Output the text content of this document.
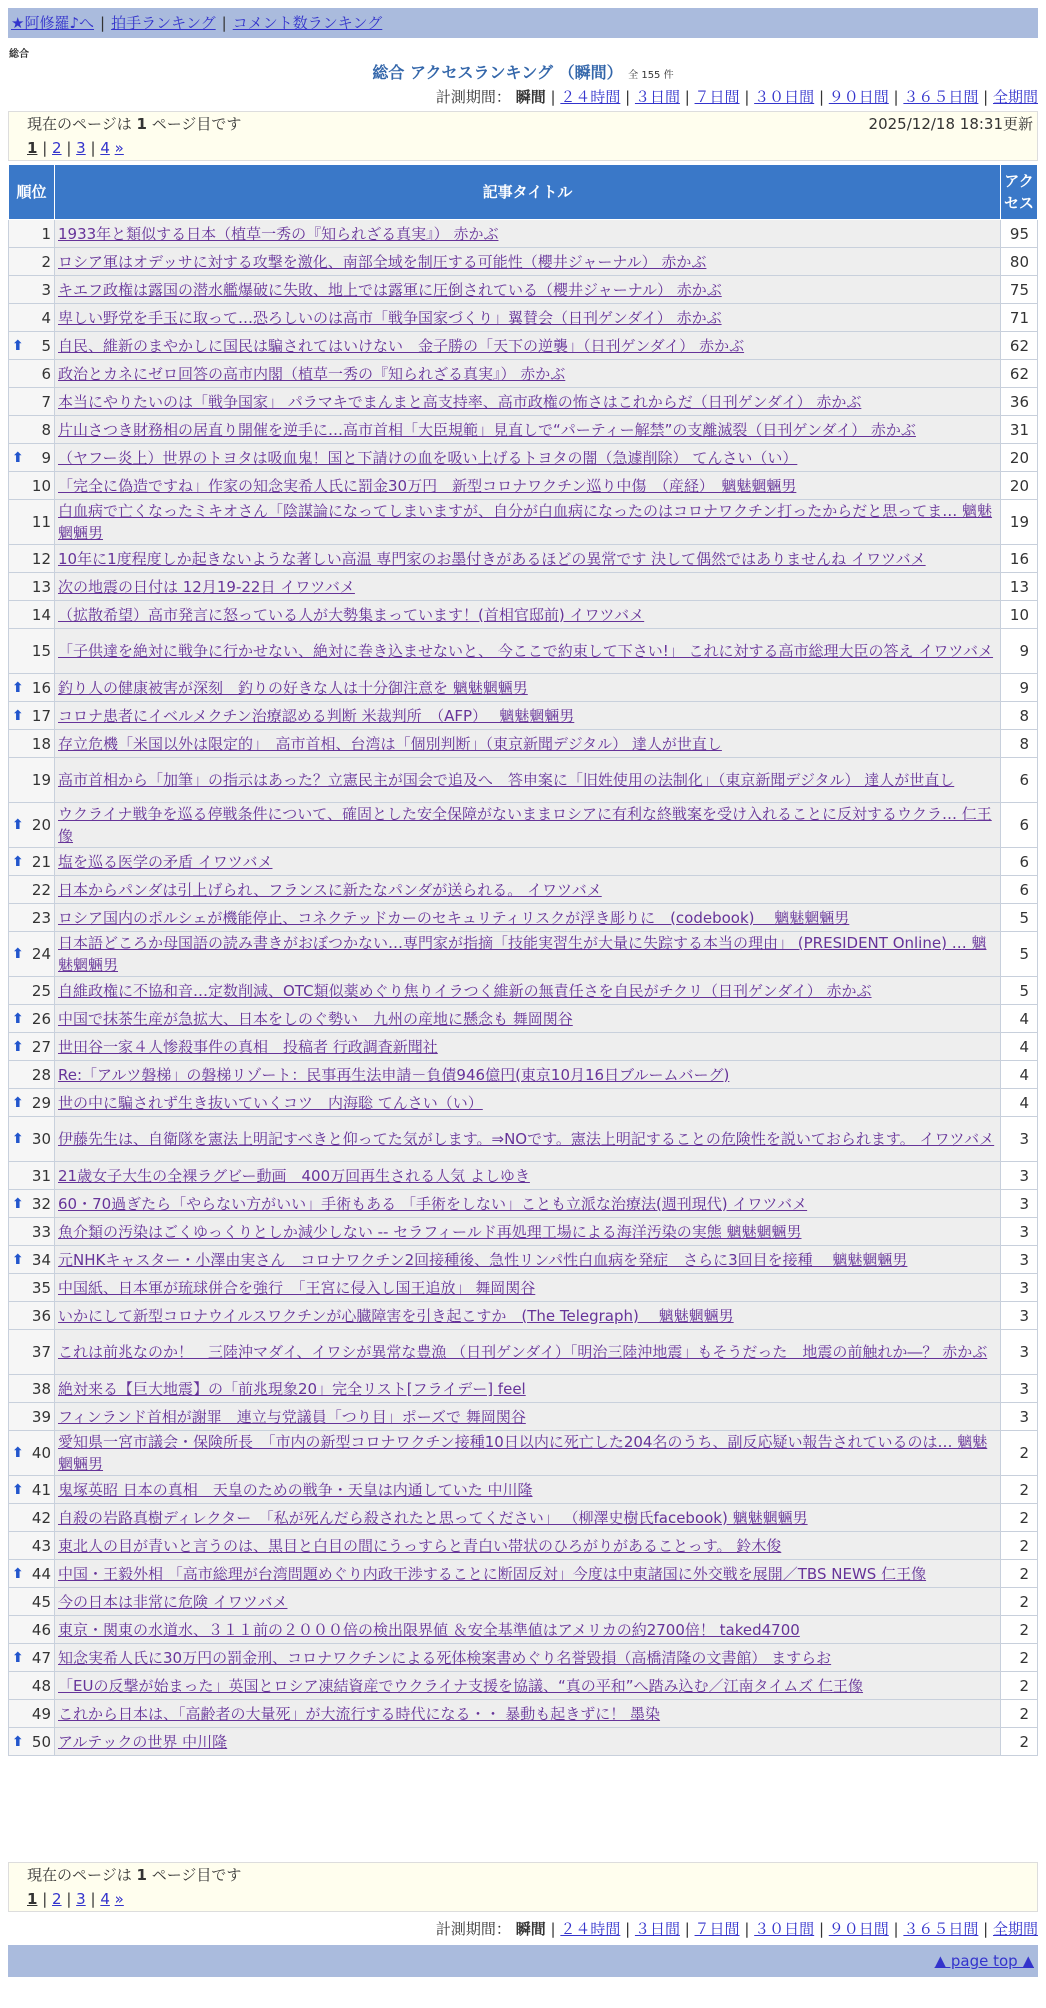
★阿修羅♪へ | 拍手ランキング | コメント数ランキング
総合
総合 アクセスランキング （瞬間） 全 155 件
計測期間： 瞬間 | ２４時間 | ３日間 | ７日間 | ３０日間 | ９０日間 | ３６５日間 | 全期間
現在のページは 1 ページ目です	2025/12/18 18:31更新
1 | 2 | 3 | 4 »
順位	記事タイトル	アクセス
1	1933年と類似する日本（植草一秀の『知られざる真実』） 赤かぶ	95
2	ロシア軍はオデッサに対する攻撃を激化、南部全域を制圧する可能性（櫻井ジャーナル） 赤かぶ	80
3	キエフ政権は露国の潜水艦爆破に失敗、地上では露軍に圧倒されている（櫻井ジャーナル） 赤かぶ	75
4	卑しい野党を手玉に取って…恐ろしいのは高市「戦争国家づくり」翼賛会（日刊ゲンダイ） 赤かぶ	71

⬆ 5	自民、維新のまやかしに国民は騙されてはいけない　金子勝の「天下の逆襲」（日刊ゲンダイ） 赤かぶ	62
6	政治とカネにゼロ回答の高市内閣（植草一秀の『知られざる真実』） 赤かぶ	62
7	本当にやりたいのは「戦争国家」 パラマキでまんまと高支持率、高市政権の怖さはこれからだ（日刊ゲンダイ） 赤かぶ	36
8	片山さつき財務相の居直り開催を逆手に…高市首相「大臣規範」見直しで“パーティー解禁”の支離滅裂（日刊ゲンダイ） 赤かぶ	31

⬆ 9	（ヤフー炎上）世界のトヨタは吸血鬼！国と下請けの血を吸い上げるトヨタの闇（急遽削除） てんさい（い）	20
10	「完全に偽造ですね」作家の知念実希人氏に罰金30万円　新型コロナワクチン巡り中傷　（産経）　魑魅魍魎男	20
11	白血病で亡くなったミキオさん「陰謀論になってしまいますが、自分が白血病になったのはコロナワクチン打ったからだと思ってま… 魑魅魍魎男	19
12	10年に1度程度しか起きないような著しい高温 専門家のお墨付きがあるほどの異常です 決して偶然ではありませんね イワツバメ	16
13	次の地震の日付は 12月19-22日 イワツバメ	13
14	（拡散希望）高市発言に怒っている人が大勢集まっています！(首相官邸前) イワツバメ	10
15	「子供達を絶対に戦争に行かせない、絶対に巻き込ませないと、 今ここで約束して下さい!」 これに対する高市総理大臣の答え イワツバメ	9

⬆ 16	釣り人の健康被害が深刻　釣りの好きな人は十分御注意を 魑魅魍魎男	9

⬆ 17	コロナ患者にイベルメクチン治療認める判断 米裁判所　（AFP）　 魑魅魍魎男	8
18	存立危機「米国以外は限定的」　高市首相、台湾は「個別判断」（東京新聞デジタル） 達人が世直し	8
19	高市首相から「加筆」の指示はあった？立憲民主が国会で追及へ　答申案に「旧姓使用の法制化」（東京新聞デジタル） 達人が世直し	6

⬆ 20	ウクライナ戦争を巡る停戦条件について、確固とした安全保障がないままロシアに有利な終戦案を受け入れることに反対するウクラ… 仁王像	6

⬆ 21	塩を巡る医学の矛盾 イワツバメ	6
22	日本からパンダは引上げられ、フランスに新たなパンダが送られる。 イワツバメ	6
23	ロシア国内のポルシェが機能停止、コネクテッドカーのセキュリティリスクが浮き彫りに　(codebook)　 魑魅魍魎男	5

⬆ 24	日本語どころか母国語の読み書きがおぼつかない…専門家が指摘「技能実習生が大量に失踪する本当の理由」 (PRESIDENT Online) … 魑魅魍魎男	5
25	自維政権に不協和音…定数削減、OTC類似薬めぐり焦りイラつく維新の無責任さを自民がチクリ（日刊ゲンダイ） 赤かぶ	5

⬆ 26	中国で抹茶生産が急拡大、日本をしのぐ勢い　九州の産地に懸念も 舞岡関谷	4

⬆ 27	世田谷一家４人惨殺事件の真相　投稿者 行政調査新聞社	4
28	Re:「アルツ磐梯」の磐梯リゾート：民事再生法申請－負債946億円(東京10月16日ブルームバーグ)	4

⬆ 29	世の中に騙されず生き抜いていくコツ　内海聡 てんさい（い）	4

⬆ 30	伊藤先生は、自衛隊を憲法上明記すべきと仰ってた気がします。⇒NOです。憲法上明記することの危険性を説いておられます。 イワツバメ	3
31	21歳女子大生の全裸ラグビー動画　400万回再生される人気 よしゆき	3

⬆ 32	60・70過ぎたら「やらない方がいい」手術もある 「手術をしない」ことも立派な治療法(週刊現代) イワツバメ	3
33	魚介類の汚染はごくゆっくりとしか減少しない -- セラフィールド再処理工場による海洋汚染の実態 魑魅魍魎男	3

⬆ 34	元NHKキャスター・小澤由実さん　コロナワクチン2回接種後、急性リンパ性白血病を発症　さらに3回目を接種　 魑魅魍魎男	3
35	中国紙、日本軍が琉球併合を強行　「王宮に侵入し国王追放」 舞岡関谷	3
36	いかにして新型コロナウイルスワクチンが心臓障害を引き起こすか　(The Telegraph)　 魑魅魍魎男	3
37	これは前兆なのか！　三陸沖マダイ、イワシが異常な豊漁 （日刊ゲンダイ）「明治三陸沖地震」もそうだった　地震の前触れか―？ 赤かぶ	3
38	絶対来る【巨大地震】の「前兆現象20」完全リスト[フライデー] feel	3
39	フィンランド首相が謝罪　連立与党議員「つり目」ポーズで 舞岡関谷	3

⬆ 40	愛知県一宮市議会・保険所長　「市内の新型コロナワクチン接種10日以内に死亡した204名のうち、副反応疑い報告されているのは… 魑魅魍魎男	2

⬆ 41	鬼塚英昭 日本の真相　天皇のための戦争・天皇は内通していた 中川隆	2
42	自殺の岩路真樹ディレクター　「私が死んだら殺されたと思ってください」 （柳澤史樹氏facebook) 魑魅魍魎男	2
43	東北人の目が青いと言うのは、黒目と白目の間にうっすらと青白い帯状のひろがりがあることっす。 鈴木俊	2

⬆ 44	中国・王毅外相 「高市総理が台湾問題めぐり内政干渉することに断固反対」今度は中東諸国に外交戦を展開／TBS NEWS 仁王像	2
45	今の日本は非常に危険 イワツバメ	2
46	東京・関東の水道水、３１１前の２０００倍の検出限界値 ＆安全基準値はアメリカの約2700倍！ taked4700	2

⬆ 47	知念実希人氏に30万円の罰金刑、コロナワクチンによる死体検案書めぐり名誉毀損（高橋清隆の文書館） ますらお	2
48	「EUの反撃が始まった」英国とロシア凍結資産でウクライナ支援を協議、“真の平和”へ踏み込む／江南タイムズ 仁王像	2
49	これから日本は、「高齢者の大量死」が大流行する時代になる・・ 暴動も起きずに！ 墨染	2

⬆ 50	アルテックの世界 中川隆	2
計測期間： 瞬間 | ２４時間 | ３日間 | ７日間 | ３０日間 | ９０日間 | ３６５日間 | 全期間
現在のページは 1 ページ目です
1 | 2 | 3 | 4 »
▲ page top ▲
